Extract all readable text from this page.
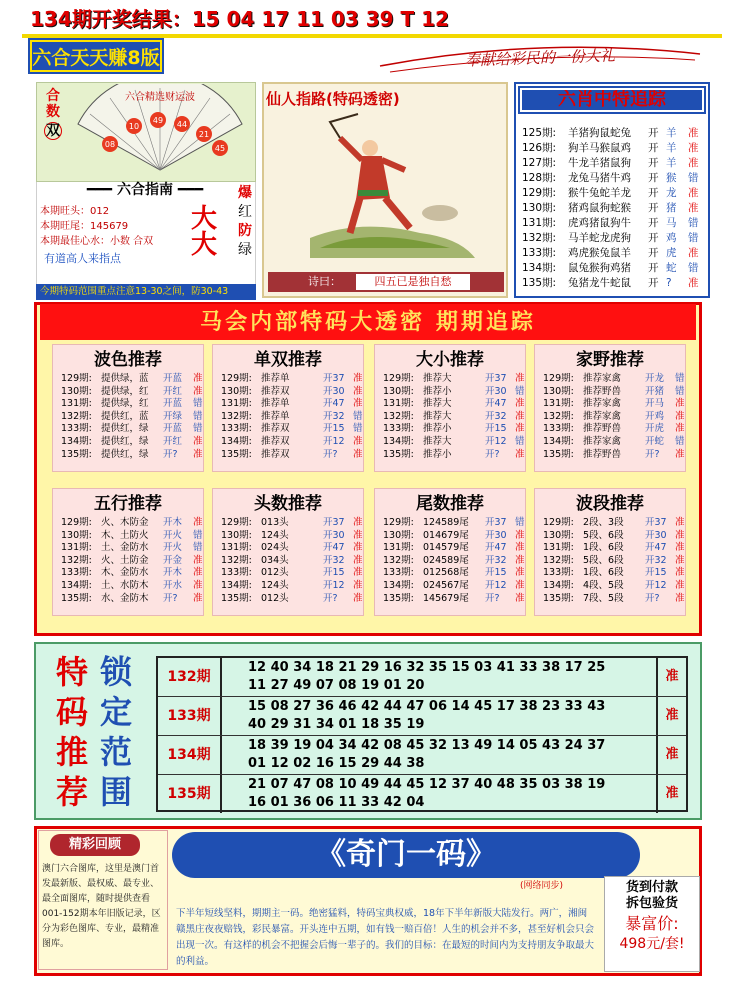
134期开奖结果：15 04 17 11 03 39 T 12
六合天天赚8版	奉献给彩民的一份大礼
合
数
双
六合精选财运波
08
10
49 44
21
45
━━━ 六合指南 ━━━
本期旺头：012
本期旺尾：145679
本期最佳心水：小数 合双
大
大
爆
红
防
绿
有道高人来指点
今期特码范围重点注意13-30之间，防30-43
仙人指路(特码透密)
诗曰：	四五已是独自愁
六肖中特追踪
125期:	羊猪狗鼠蛇兔	开 羊	准
126期:	狗羊马猴鼠鸡	开 羊	准
127期:	牛龙羊猪鼠狗	开 羊	准
128期:	龙兔马猪牛鸡	开 猴	错
129期:	猴牛兔蛇羊龙	开 龙	准
130期:	猪鸡鼠狗蛇猴	开 猪	准
131期:	虎鸡猪鼠狗牛	开 马	错
132期:	马羊蛇龙虎狗	开 鸡	错
133期:	鸡虎猴兔鼠羊	开 虎	准
134期:	鼠兔猴狗鸡猪	开 蛇	错
135期:	兔猪龙牛蛇鼠	开 ?	准
马会内部特码大透密 期期追踪
波色推荐
129期: 提供绿，蓝	开蓝	准
130期: 提供绿，红	开红	准
131期: 提供绿，红	开蓝	错
132期: 提供红，蓝	开绿	错
133期: 提供红，绿	开蓝	错
134期: 提供红，绿	开红	准
135期: 提供红，绿	开?	准
单双推荐
129期: 推荐单	开37 准
130期: 推荐双	开30 准
131期: 推荐单	开47 准
132期: 推荐单	开32 错
133期: 推荐双	开15 错
134期: 推荐双	开12 准
135期: 推荐双	开?	准
大小推荐
129期: 推荐大	开37 准
130期: 推荐小	开30 错
131期: 推荐大	开47 准
132期: 推荐大	开32 准
133期: 推荐小	开15 准
134期: 推荐大	开12 错
135期: 推荐小	开?	准
家野推荐
129期: 推荐家禽	开龙	错
130期: 推荐野兽	开猪	错
131期: 推荐家禽	开马	准
132期: 推荐家禽	开鸡	准
133期: 推荐野兽	开虎	准
134期: 推荐家禽	开蛇	错
135期: 推荐野兽	开?	准
五行推荐
129期: 火、木防金	开木	准
130期: 木、土防火	开火	错
131期: 土、金防水	开火	错
132期: 火、土防金	开金	准
133期: 木、金防水	开木	准
134期: 土、水防木	开水	准
135期: 水、金防木	开?	准
头数推荐
129期: 013头	开37 准
130期: 124头	开30 准
131期: 024头	开47 准
132期: 034头	开32 准
133期: 012头	开15 准
134期: 124头	开12 准
135期: 012头	开?	准
尾数推荐
129期: 124589尾	开37 错
130期: 014679尾	开30 准
131期: 014579尾	开47 准
132期: 024589尾	开32 准
133期: 012568尾	开15 准
134期: 024567尾	开12 准
135期: 145679尾	开?	准
波段推荐
129期: 2段、3段	开37 准
130期: 5段、6段	开30 准
131期: 1段、6段	开47 准
132期: 5段、6段	开32 准
133期: 1段、6段	开15 准
134期: 4段、5段	开12 准
135期: 7段、5段	开?	准
特 锁
码 定
推 范
荐 围
132期
12 40 34 18 21 29 16 32 35 15 03 41 33 38 17 25
11 27 49 07 08 19 01 20
准
133期
15 08 27 36 46 42 44 47 06 14 45 17 38 23 33 43
40 29 31 34 01 18 35 19
准
134期
18 39 19 04 34 42 08 45 32 13 49 14 05 43 24 37
01 12 02 16 15 29 44 38
准
135期
21 07 47 08 10 49 44 45 12 37 40 48 35 03 38 19
16 01 36 06 11 33 42 04
准
精彩回顾
澳门六合图库，这里是澳门首发最新版、最权威、最专业、最全面图库，随时提供查看001-152期本年旧版记录，区分为彩色图库、专业，最精准图库。
《奇门一码》
(网络同步)	货到付款
拆包验货
暴富价:
498元/套!
下半年短线坚料，期期主一码。绝密猛料，特码宝典权威，18年下半年新版大陆发行。两广，湘闽赣黑庄夜夜赔钱，彩民暴富。开头连中五期，如有钱一赔百倍！人生的机会并不多，甚至好机会只会出现一次。有这样的机会不把握会后悔一辈子的。我们的目标：在最短的时间内为支持朋友争取最大的利益。
